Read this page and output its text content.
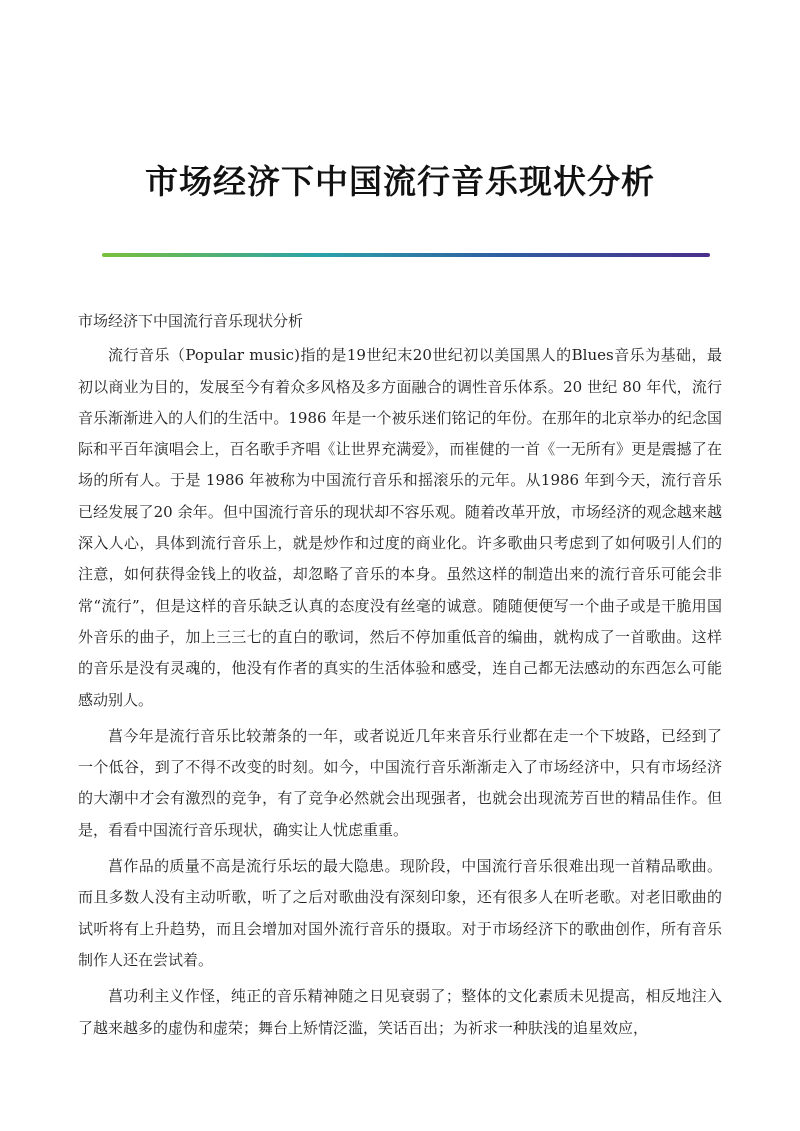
市场经济下中国流行音乐现状分析

市场经济下中国流行音乐现状分析

流行音乐（Popular music)指的是19世纪末20世纪初以美国黑人的Blues音乐为基础，最初以商业为目的，发展至今有着众多风格及多方面融合的调性音乐体系。20 世纪 80 年代，流行音乐渐渐进入的人们的生活中。1986 年是一个被乐迷们铭记的年份。在那年的北京举办的纪念国际和平百年演唱会上，百名歌手齐唱《让世界充满爱》，而崔健的一首《一无所有》更是震撼了在场的所有人。于是 1986 年被称为中国流行音乐和摇滚乐的元年。从1986 年到今天，流行音乐已经发展了20 余年。但中国流行音乐的现状却不容乐观。随着改革开放，市场经济的观念越来越深入人心，具体到流行音乐上，就是炒作和过度的商业化。许多歌曲只考虑到了如何吸引人们的注意，如何获得金钱上的收益，却忽略了音乐的本身。虽然这样的制造出来的流行音乐可能会非常“流行”，但是这样的音乐缺乏认真的态度没有丝毫的诚意。随随便便写一个曲子或是干脆用国外音乐的曲子，加上三三七的直白的歌词，然后不停加重低音的编曲，就构成了一首歌曲。这样的音乐是没有灵魂的，他没有作者的真实的生活体验和感受，连自己都无法感动的东西怎么可能感动别人。

菖今年是流行音乐比较萧条的一年，或者说近几年来音乐行业都在走一个下坡路，已经到了一个低谷，到了不得不改变的时刻。如今，中国流行音乐渐渐走入了市场经济中，只有市场经济的大潮中才会有激烈的竞争，有了竞争必然就会出现强者，也就会出现流芳百世的精品佳作。但是，看看中国流行音乐现状，确实让人忧虑重重。

菖作品的质量不高是流行乐坛的最大隐患。现阶段，中国流行音乐很难出现一首精品歌曲。而且多数人没有主动听歌，听了之后对歌曲没有深刻印象，还有很多人在听老歌。对老旧歌曲的试听将有上升趋势，而且会增加对国外流行音乐的摄取。对于市场经济下的歌曲创作，所有音乐制作人还在尝试着。

菖功利主义作怪，纯正的音乐精神随之日见衰弱了；整体的文化素质未见提高，相反地注入了越来越多的虚伪和虚荣；舞台上矫情泛滥，笑话百出；为祈求一种肤浅的追星效应，
